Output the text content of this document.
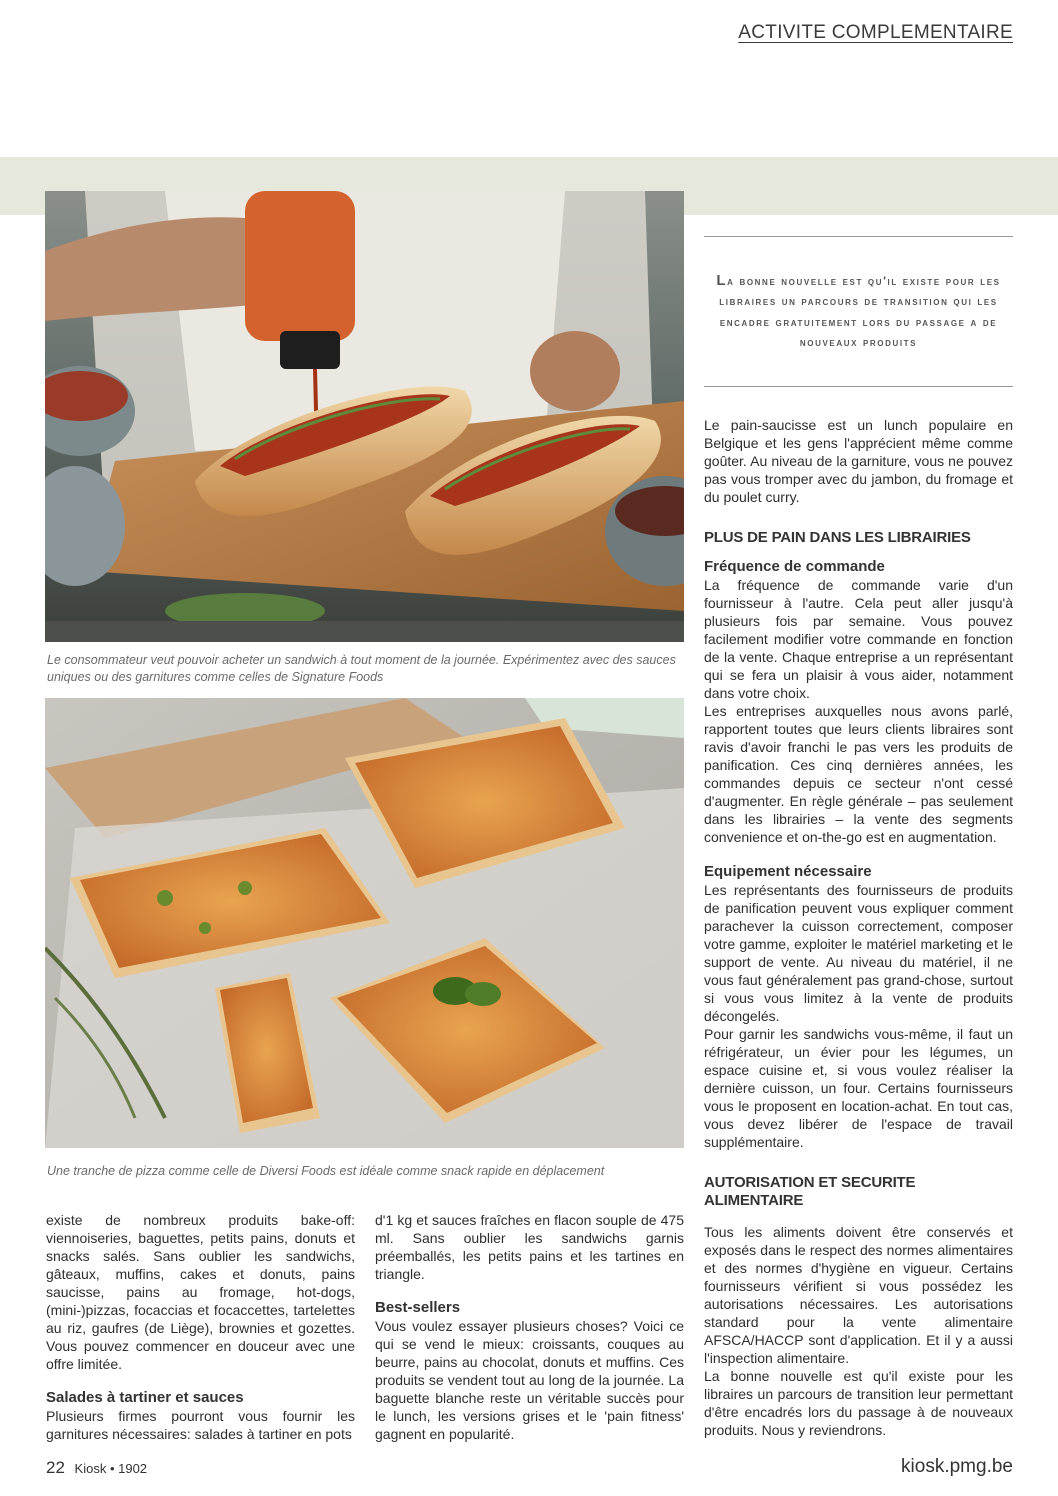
ACTIVITE COMPLEMENTAIRE
Le consommateur veut pouvoir acheter un sandwich à tout moment de la journée. Expérimentez avec des sauces uniques ou des garnitures comme celles de Signature Foods
Une tranche de pizza comme celle de Diversi Foods est idéale comme snack rapide en déplacement
La bonne nouvelle est qu'il existe pour les libraires un parcours de transition qui les encadre gratuitement lors du passage a de nouveaux produits

Le pain-saucisse est un lunch populaire en Belgique et les gens l'apprécient même comme goûter. Au niveau de la garniture, vous ne pouvez pas vous tromper avec du jambon, du fromage et du poulet curry.

PLUS DE PAIN DANS LES LIBRAIRIES
Fréquence de commande

La fréquence de commande varie d'un fournisseur à l'autre. Cela peut aller jusqu'à plusieurs fois par semaine. Vous pouvez facilement modifier votre commande en fonction de la vente. Chaque entreprise a un représentant qui se fera un plaisir à vous aider, notamment dans votre choix.

Les entreprises auxquelles nous avons parlé, rapportent toutes que leurs clients libraires sont ravis d'avoir franchi le pas vers les produits de panification. Ces cinq dernières années, les commandes depuis ce secteur n'ont cessé d'augmenter. En règle générale – pas seulement dans les librairies – la vente des segments convenience et on-the-go est en augmentation.

Equipement nécessaire

Les représentants des fournisseurs de produits de panification peuvent vous expliquer comment parachever la cuisson correctement, composer votre gamme, exploiter le matériel marketing et le support de vente. Au niveau du matériel, il ne vous faut généralement pas grand-chose, surtout si vous vous limitez à la vente de produits décongelés.

Pour garnir les sandwichs vous-même, il faut un réfrigérateur, un évier pour les légumes, un espace cuisine et, si vous voulez réaliser la dernière cuisson, un four. Certains fournisseurs vous le proposent en location-achat. En tout cas, vous devez libérer de l'espace de travail supplémentaire.

AUTORISATION ET SECURITE ALIMENTAIRE

Tous les aliments doivent être conservés et exposés dans le respect des normes alimentaires et des normes d'hygiène en vigueur. Certains fournisseurs vérifient si vous possédez les autorisations nécessaires. Les autorisations standard pour la vente alimentaire AFSCA/HACCP sont d'application. Et il y a aussi l'inspection alimentaire.

La bonne nouvelle est qu'il existe pour les libraires un parcours de transition leur permettant d'être encadrés lors du passage à de nouveaux produits. Nous y reviendrons.

existe de nombreux produits bake-off: viennoiseries, baguettes, petits pains, donuts et snacks salés. Sans oublier les sandwichs, gâteaux, muffins, cakes et donuts, pains saucisse, pains au fromage, hot-dogs, (mini-)pizzas, focaccias et focaccettes, tartelettes au riz, gaufres (de Liège), brownies et gozettes. Vous pouvez commencer en douceur avec une offre limitée.

Salades à tartiner et sauces

Plusieurs firmes pourront vous fournir les garnitures nécessaires: salades à tartiner en pots

d'1 kg et sauces fraîches en flacon souple de 475 ml. Sans oublier les sandwichs garnis préemballés, les petits pains et les tartines en triangle.

Best-sellers

Vous voulez essayer plusieurs choses? Voici ce qui se vend le mieux: croissants, couques au beurre, pains au chocolat, donuts et muffins. Ces produits se vendent tout au long de la journée. La baguette blanche reste un véritable succès pour le lunch, les versions grises et le 'pain fitness' gagnent en popularité.

22 Kiosk • 1902	kiosk.pmg.be
